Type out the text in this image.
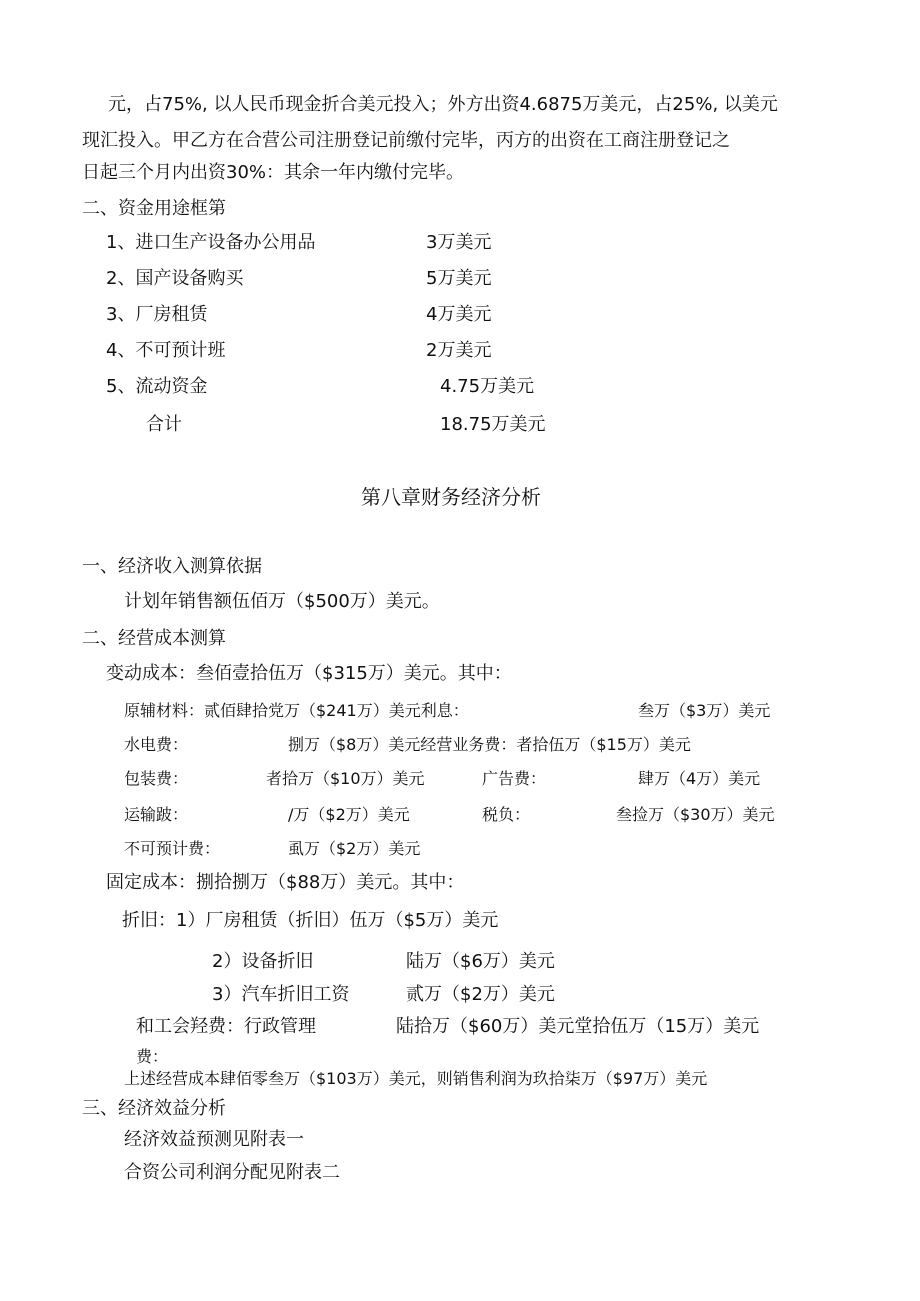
元，占75%, 以人民币现金折合美元投入；外方出资4.6875万美元，占25%, 以美元
现汇投入。甲乙方在合营公司注册登记前缴付完毕，丙方的出资在工商注册登记之
日起三个月内出资30%：其余一年内缴付完毕。
二、资金用途框第
1、进口生产设备办公用品	3万美元
2、国产设备购买	5万美元
3、厂房租赁	4万美元
4、不可预计班	2万美元
5、流动资金	4.75万美元
合计	18.75万美元
第八章财务经济分析
一、经济收入测算依据
计划年销售额伍佰万（$500万）美元。
二、经营成本测算
变动成本：叁佰壹拾伍万（$315万）美元。其中：
原辅材料：贰佰肆拾党万（$241万）美元利息：	叁万（$3万）美元
水电费：	捌万（$8万）美元经营业务费：者拾伍万（$15万）美元
包装费：	者拾万（$10万）美元	广告费：	肆万（4万）美元
运输跛：	/万（$2万）美元	税负：	叁捡万（$30万）美元
不可预计费：	虱万（$2万）美元
固定成本：捌拾捌万（$88万）美元。其中：
折旧：1）厂房租赁（折旧）伍万（$5万）美元
2）设备折旧	陆万（$6万）美元
3）汽车折旧工资	贰万（$2万）美元
和工会羟费：行政管理	陆拾万（$60万）美元堂拾伍万（15万）美元
费：
上述经营成本肆佰零叁万（$103万）美元，则销售利润为玖拾柒万（$97万）美元
三、经济效益分析
经济效益预测见附表一
合资公司利润分配见附表二
